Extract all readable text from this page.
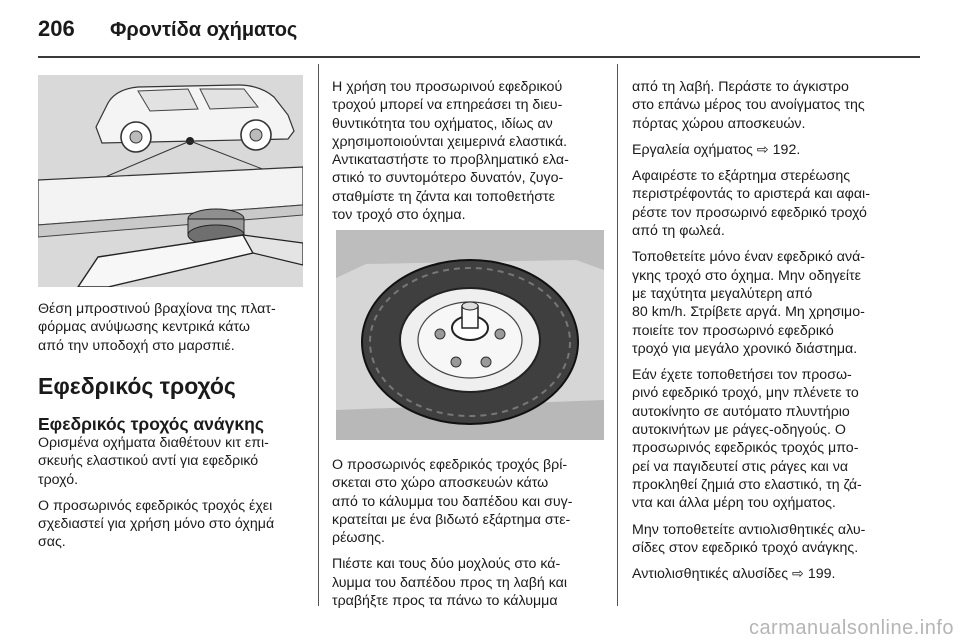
206	Φροντίδα οχήματος

Θέση μπροστινού βραχίονα της πλατ-
φόρμας ανύψωσης κεντρικά κάτω
από την υποδοχή στο μαρσπιέ.

Εφεδρικός τροχός
Εφεδρικός τροχός ανάγκης

Ορισμένα οχήματα διαθέτουν κιτ επι-
σκευής ελαστικού αντί για εφεδρικό
τροχό.

Ο προσωρινός εφεδρικός τροχός έχει
σχεδιαστεί για χρήση μόνο στο όχημά
σας.

Η χρήση του προσωρινού εφεδρικού
τροχού μπορεί να επηρεάσει τη διευ-
θυντικότητα του οχήματος, ιδίως αν
χρησιμοποιούνται χειμερινά ελαστικά.
Αντικαταστήστε το προβληματικό ελα-
στικό το συντομότερο δυνατόν, ζυγο-
σταθμίστε τη ζάντα και τοποθετήστε
τον τροχό στο όχημα.

Ο προσωρινός εφεδρικός τροχός βρί-
σκεται στο χώρο αποσκευών κάτω
από το κάλυμμα του δαπέδου και συγ-
κρατείται με ένα βιδωτό εξάρτημα στε-
ρέωσης.

Πιέστε και τους δύο μοχλούς στο κά-
λυμμα του δαπέδου προς τη λαβή και
τραβήξτε προς τα πάνω το κάλυμμα

από τη λαβή. Περάστε το άγκιστρο
στο επάνω μέρος του ανοίγματος της
πόρτας χώρου αποσκευών.

Εργαλεία οχήματος ⇨ 192.

Αφαιρέστε το εξάρτημα στερέωσης
περιστρέφοντάς το αριστερά και αφαι-
ρέστε τον προσωρινό εφεδρικό τροχό
από τη φωλεά.

Τοποθετείτε μόνο έναν εφεδρικό ανά-
γκης τροχό στο όχημα. Μην οδηγείτε
με ταχύτητα μεγαλύτερη από
80 km/h. Στρίβετε αργά. Μη χρησιμο-
ποιείτε τον προσωρινό εφεδρικό
τροχό για μεγάλο χρονικό διάστημα.

Εάν έχετε τοποθετήσει τον προσω-
ρινό εφεδρικό τροχό, μην πλένετε το
αυτοκίνητο σε αυτόματο πλυντήριο
αυτοκινήτων με ράγες-οδηγούς. Ο
προσωρινός εφεδρικός τροχός μπο-
ρεί να παγιδευτεί στις ράγες και να
προκληθεί ζημιά στο ελαστικό, τη ζά-
ντα και άλλα μέρη του οχήματος.

Μην τοποθετείτε αντιολισθητικές αλυ-
σίδες στον εφεδρικό τροχό ανάγκης.

Αντιολισθητικές αλυσίδες ⇨ 199.

carmanualsonline.info
